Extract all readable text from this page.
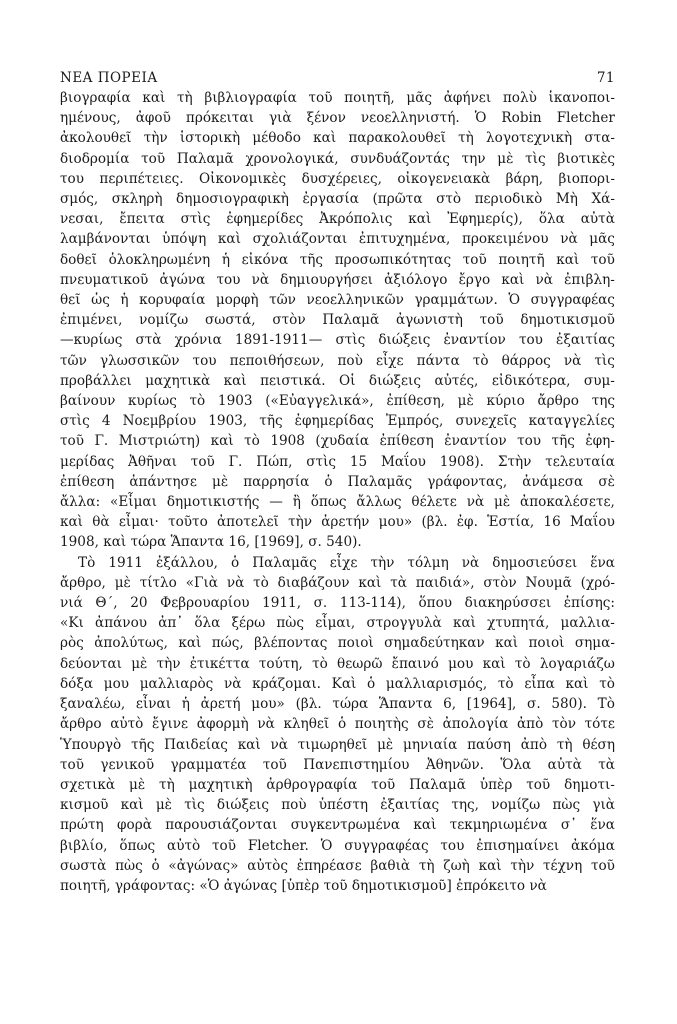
ΝΕΑ ΠΟΡΕΙΑ	71
βιογραφία καὶ τὴ βιβλιογραφία τοῦ ποιητῆ, μᾶς ἀφήνει πολὺ ἱκανοποι-
ημένους, ἀφοῦ πρόκειται γιὰ ξένον νεοελληνιστή. Ὁ Robin Fletcher
ἀκολουθεῖ τὴν ἱστορικὴ μέθοδο καὶ παρακολουθεῖ τὴ λογοτεχνικὴ στα-
διοδρομία τοῦ Παλαμᾶ χρονολογικά, συνδυάζοντάς την μὲ τὶς βιοτικὲς
του περιπέτειες. Οἰκονομικὲς δυσχέρειες, οἰκογενειακὰ βάρη, βιοπορι-
σμός, σκληρὴ δημοσιογραφικὴ ἐργασία (πρῶτα στὸ περιοδικὸ Μὴ Χά-
νεσαι, ἔπειτα στὶς ἐφημερίδες Ἀκρόπολις καὶ Ἐφημερίς), ὅλα αὐτὰ
λαμβάνονται ὑπόψη καὶ σχολιάζονται ἐπιτυχημένα, προκειμένου νὰ μᾶς
δοθεῖ ὁλοκληρωμένη ἡ εἰκόνα τῆς προσωπικότητας τοῦ ποιητῆ καὶ τοῦ
πνευματικοῦ ἀγώνα του νὰ δημιουργήσει ἀξιόλογο ἔργο καὶ νὰ ἐπιβλη-
θεῖ ὡς ἡ κορυφαία μορφὴ τῶν νεοελληνικῶν γραμμάτων. Ὁ συγγραφέας
ἐπιμένει, νομίζω σωστά, στὸν Παλαμᾶ ἀγωνιστὴ τοῦ δημοτικισμοῦ
—κυρίως στὰ χρόνια 1891-1911— στὶς διώξεις ἐναντίον του ἐξαιτίας
τῶν γλωσσικῶν του πεποιθήσεων, ποὺ εἶχε πάντα τὸ θάρρος νὰ τὶς
προβάλλει μαχητικὰ καὶ πειστικά. Οἱ διώξεις αὐτές, εἰδικότερα, συμ-
βαίνουν κυρίως τὸ 1903 («Εὐαγγελικά», ἐπίθεση, μὲ κύριο ἄρθρο της
στὶς 4 Νοεμβρίου 1903, τῆς ἐφημερίδας Ἐμπρός, συνεχεῖς καταγγελίες
τοῦ Γ. Μιστριώτη) καὶ τὸ 1908 (χυδαία ἐπίθεση ἐναντίον του τῆς ἐφη-
μερίδας Ἀθῆναι τοῦ Γ. Πώπ, στὶς 15 Μαΐου 1908). Στὴν τελευταία
ἐπίθεση ἀπάντησε μὲ παρρησία ὁ Παλαμᾶς γράφοντας, ἀνάμεσα σὲ
ἄλλα: «Εἶμαι δημοτικιστής — ἢ ὅπως ἄλλως θέλετε νὰ μὲ ἀποκαλέσετε,
καὶ θὰ εἶμαι· τοῦτο ἀποτελεῖ τὴν ἀρετήν μου» (βλ. ἐφ. Ἑστία, 16 Μαΐου
1908, καὶ τώρα Ἅπαντα 16, [1969], σ. 540).
Τὸ 1911 ἐξάλλου, ὁ Παλαμᾶς εἶχε τὴν τόλμη νὰ δημοσιεύσει ἕνα
ἄρθρο, μὲ τίτλο «Γιὰ νὰ τὸ διαβάζουν καὶ τὰ παιδιά», στὸν Νουμᾶ (χρό-
νιά Θ΄, 20 Φεβρουαρίου 1911, σ. 113-114), ὅπου διακηρύσσει ἐπίσης:
«Κι ἀπάνου ἀπ᾿ ὅλα ξέρω πὼς εἶμαι, στρογγυλὰ καὶ χτυπητά, μαλλια-
ρὸς ἀπολύτως, καὶ πώς, βλέποντας ποιοὶ σημαδεύτηκαν καὶ ποιοὶ σημα-
δεύονται μὲ τὴν ἐτικέττα τούτη, τὸ θεωρῶ ἔπαινό μου καὶ τὸ λογαριάζω
δόξα μου μαλλιαρὸς νὰ κράζομαι. Καὶ ὁ μαλλιαρισμός, τὸ εἶπα καὶ τὸ
ξαναλέω, εἶναι ἡ ἀρετή μου» (βλ. τώρα Ἅπαντα 6, [1964], σ. 580). Τὸ
ἄρθρο αὐτὸ ἔγινε ἀφορμὴ νὰ κληθεῖ ὁ ποιητὴς σὲ ἀπολογία ἀπὸ τὸν τότε
Ὑπουργὸ τῆς Παιδείας καὶ νὰ τιμωρηθεῖ μὲ μηνιαία παύση ἀπὸ τὴ θέση
τοῦ γενικοῦ γραμματέα τοῦ Πανεπιστημίου Ἀθηνῶν. Ὅλα αὐτὰ τὰ
σχετικὰ μὲ τὴ μαχητικὴ ἀρθρογραφία τοῦ Παλαμᾶ ὑπὲρ τοῦ δημοτι-
κισμοῦ καὶ μὲ τὶς διώξεις ποὺ ὑπέστη ἐξαιτίας της, νομίζω πὼς γιὰ
πρώτη φορὰ παρουσιάζονται συγκεντρωμένα καὶ τεκμηριωμένα σ᾿ ἕνα
βιβλίο, ὅπως αὐτὸ τοῦ Fletcher. Ὁ συγγραφέας του ἐπισημαίνει ἀκόμα
σωστὰ πὼς ὁ «ἀγώνας» αὐτὸς ἐπηρέασε βαθιὰ τὴ ζωὴ καὶ τὴν τέχνη τοῦ
ποιητῆ, γράφοντας: «Ὁ ἀγώνας [ὑπὲρ τοῦ δημοτικισμοῦ] ἐπρόκειτο νὰ
